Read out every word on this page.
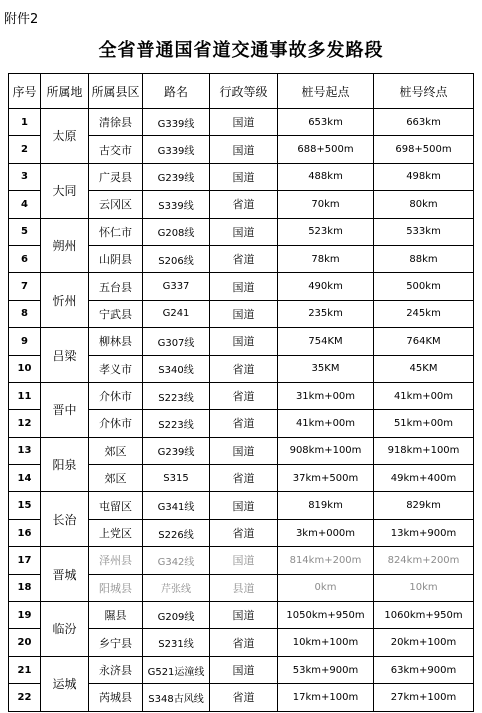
附件2
全省普通国省道交通事故多发路段
序号	所属地	所属县区	路名	行政等级	桩号起点	桩号终点
1	太原	清徐县	G339线	国道	653km	663km
2		古交市	G339线	国道	688+500m	698+500m
3	大同	广灵县	G239线	国道	488km	498km
4		云冈区	S339线	省道	70km	80km
5	朔州	怀仁市	G208线	国道	523km	533km
6		山阴县	S206线	省道	78km	88km
7	忻州	五台县	G337	国道	490km	500km
8		宁武县	G241	国道	235km	245km
9	吕梁	柳林县	G307线	国道	754KM	764KM
10		孝义市	S340线	省道	35KM	45KM
11	晋中	介休市	S223线	省道	31km+00m	41km+00m
12		介休市	S223线	省道	41km+00m	51km+00m
13	阳泉	郊区	G239线	国道	908km+100m	918km+100m
14		郊区	S315	省道	37km+500m	49km+400m
15	长治	屯留区	G341线	国道	819km	829km
16		上党区	S226线	省道	3km+000m	13km+900m
17	晋城	泽州县	G342线	国道	814km+200m	824km+200m
18		阳城县	芹张线	县道	0km	10km
19	临汾	隰县	G209线	国道	1050km+950m	1060km+950m
20		乡宁县	S231线	省道	10km+100m	20km+100m
21	运城	永济县	G521运潼线	国道	53km+900m	63km+900m
22		芮城县	S348古风线	省道	17km+100m	27km+100m
